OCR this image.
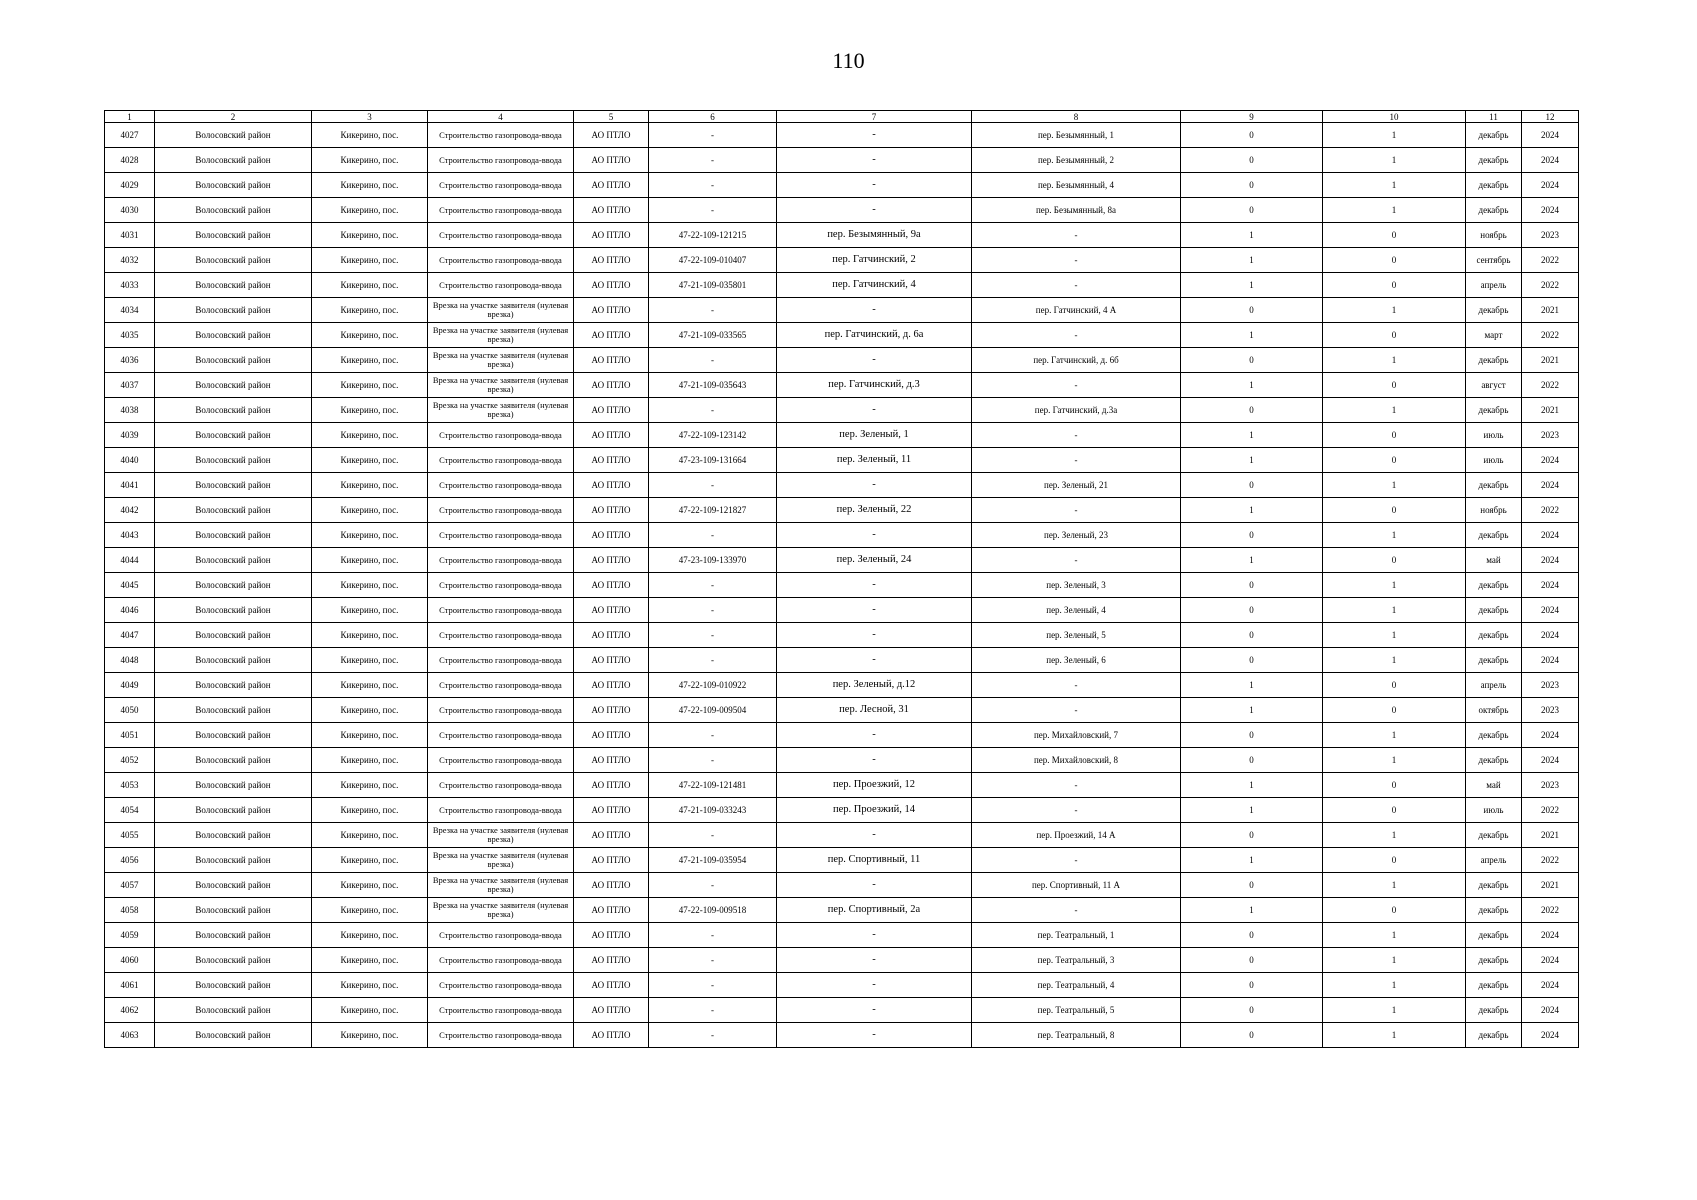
110
1	2	3	4	5	6	7	8	9	10	11	12
4027	Волосовский район	Кикерино, пос.	Строительство газопровода-ввода	АО ПТЛО	-	-	пер. Безымянный, 1	0	1	декабрь	2024
4028	Волосовский район	Кикерино, пос.	Строительство газопровода-ввода	АО ПТЛО	-	-	пер. Безымянный, 2	0	1	декабрь	2024
4029	Волосовский район	Кикерино, пос.	Строительство газопровода-ввода	АО ПТЛО	-	-	пер. Безымянный, 4	0	1	декабрь	2024
4030	Волосовский район	Кикерино, пос.	Строительство газопровода-ввода	АО ПТЛО	-	-	пер. Безымянный, 8а	0	1	декабрь	2024
4031	Волосовский район	Кикерино, пос.	Строительство газопровода-ввода	АО ПТЛО	47-22-109-121215	пер. Безымянный, 9а	-	1	0	ноябрь	2023
4032	Волосовский район	Кикерино, пос.	Строительство газопровода-ввода	АО ПТЛО	47-22-109-010407	пер. Гатчинский, 2	-	1	0	сентябрь	2022
4033	Волосовский район	Кикерино, пос.	Строительство газопровода-ввода	АО ПТЛО	47-21-109-035801	пер. Гатчинский, 4	-	1	0	апрель	2022
4034	Волосовский район	Кикерино, пос.	Врезка на участке заявителя (нулевая врезка)	АО ПТЛО	-	-	пер. Гатчинский, 4 А	0	1	декабрь	2021
4035	Волосовский район	Кикерино, пос.	Врезка на участке заявителя (нулевая врезка)	АО ПТЛО	47-21-109-033565	пер. Гатчинский, д. 6а	-	1	0	март	2022
4036	Волосовский район	Кикерино, пос.	Врезка на участке заявителя (нулевая врезка)	АО ПТЛО	-	-	пер. Гатчинский, д. 6б	0	1	декабрь	2021
4037	Волосовский район	Кикерино, пос.	Врезка на участке заявителя (нулевая врезка)	АО ПТЛО	47-21-109-035643	пер. Гатчинский, д.3	-	1	0	август	2022
4038	Волосовский район	Кикерино, пос.	Врезка на участке заявителя (нулевая врезка)	АО ПТЛО	-	-	пер. Гатчинский, д.3а	0	1	декабрь	2021
4039	Волосовский район	Кикерино, пос.	Строительство газопровода-ввода	АО ПТЛО	47-22-109-123142	пер. Зеленый, 1	-	1	0	июль	2023
4040	Волосовский район	Кикерино, пос.	Строительство газопровода-ввода	АО ПТЛО	47-23-109-131664	пер. Зеленый, 11	-	1	0	июль	2024
4041	Волосовский район	Кикерино, пос.	Строительство газопровода-ввода	АО ПТЛО	-	-	пер. Зеленый, 21	0	1	декабрь	2024
4042	Волосовский район	Кикерино, пос.	Строительство газопровода-ввода	АО ПТЛО	47-22-109-121827	пер. Зеленый, 22	-	1	0	ноябрь	2022
4043	Волосовский район	Кикерино, пос.	Строительство газопровода-ввода	АО ПТЛО	-	-	пер. Зеленый, 23	0	1	декабрь	2024
4044	Волосовский район	Кикерино, пос.	Строительство газопровода-ввода	АО ПТЛО	47-23-109-133970	пер. Зеленый, 24	-	1	0	май	2024
4045	Волосовский район	Кикерино, пос.	Строительство газопровода-ввода	АО ПТЛО	-	-	пер. Зеленый, 3	0	1	декабрь	2024
4046	Волосовский район	Кикерино, пос.	Строительство газопровода-ввода	АО ПТЛО	-	-	пер. Зеленый, 4	0	1	декабрь	2024
4047	Волосовский район	Кикерино, пос.	Строительство газопровода-ввода	АО ПТЛО	-	-	пер. Зеленый, 5	0	1	декабрь	2024
4048	Волосовский район	Кикерино, пос.	Строительство газопровода-ввода	АО ПТЛО	-	-	пер. Зеленый, 6	0	1	декабрь	2024
4049	Волосовский район	Кикерино, пос.	Строительство газопровода-ввода	АО ПТЛО	47-22-109-010922	пер. Зеленый, д.12	-	1	0	апрель	2023
4050	Волосовский район	Кикерино, пос.	Строительство газопровода-ввода	АО ПТЛО	47-22-109-009504	пер. Лесной, 31	-	1	0	октябрь	2023
4051	Волосовский район	Кикерино, пос.	Строительство газопровода-ввода	АО ПТЛО	-	-	пер. Михайловский, 7	0	1	декабрь	2024
4052	Волосовский район	Кикерино, пос.	Строительство газопровода-ввода	АО ПТЛО	-	-	пер. Михайловский, 8	0	1	декабрь	2024
4053	Волосовский район	Кикерино, пос.	Строительство газопровода-ввода	АО ПТЛО	47-22-109-121481	пер. Проезжий, 12	-	1	0	май	2023
4054	Волосовский район	Кикерино, пос.	Строительство газопровода-ввода	АО ПТЛО	47-21-109-033243	пер. Проезжий, 14	-	1	0	июль	2022
4055	Волосовский район	Кикерино, пос.	Врезка на участке заявителя (нулевая врезка)	АО ПТЛО	-	-	пер. Проезжий, 14 А	0	1	декабрь	2021
4056	Волосовский район	Кикерино, пос.	Врезка на участке заявителя (нулевая врезка)	АО ПТЛО	47-21-109-035954	пер. Спортивный, 11	-	1	0	апрель	2022
4057	Волосовский район	Кикерино, пос.	Врезка на участке заявителя (нулевая врезка)	АО ПТЛО	-	-	пер. Спортивный, 11 А	0	1	декабрь	2021
4058	Волосовский район	Кикерино, пос.	Врезка на участке заявителя (нулевая врезка)	АО ПТЛО	47-22-109-009518	пер. Спортивный, 2а	-	1	0	декабрь	2022
4059	Волосовский район	Кикерино, пос.	Строительство газопровода-ввода	АО ПТЛО	-	-	пер. Театральный, 1	0	1	декабрь	2024
4060	Волосовский район	Кикерино, пос.	Строительство газопровода-ввода	АО ПТЛО	-	-	пер. Театральный, 3	0	1	декабрь	2024
4061	Волосовский район	Кикерино, пос.	Строительство газопровода-ввода	АО ПТЛО	-	-	пер. Театральный, 4	0	1	декабрь	2024
4062	Волосовский район	Кикерино, пос.	Строительство газопровода-ввода	АО ПТЛО	-	-	пер. Театральный, 5	0	1	декабрь	2024
4063	Волосовский район	Кикерино, пос.	Строительство газопровода-ввода	АО ПТЛО	-	-	пер. Театральный, 8	0	1	декабрь	2024
